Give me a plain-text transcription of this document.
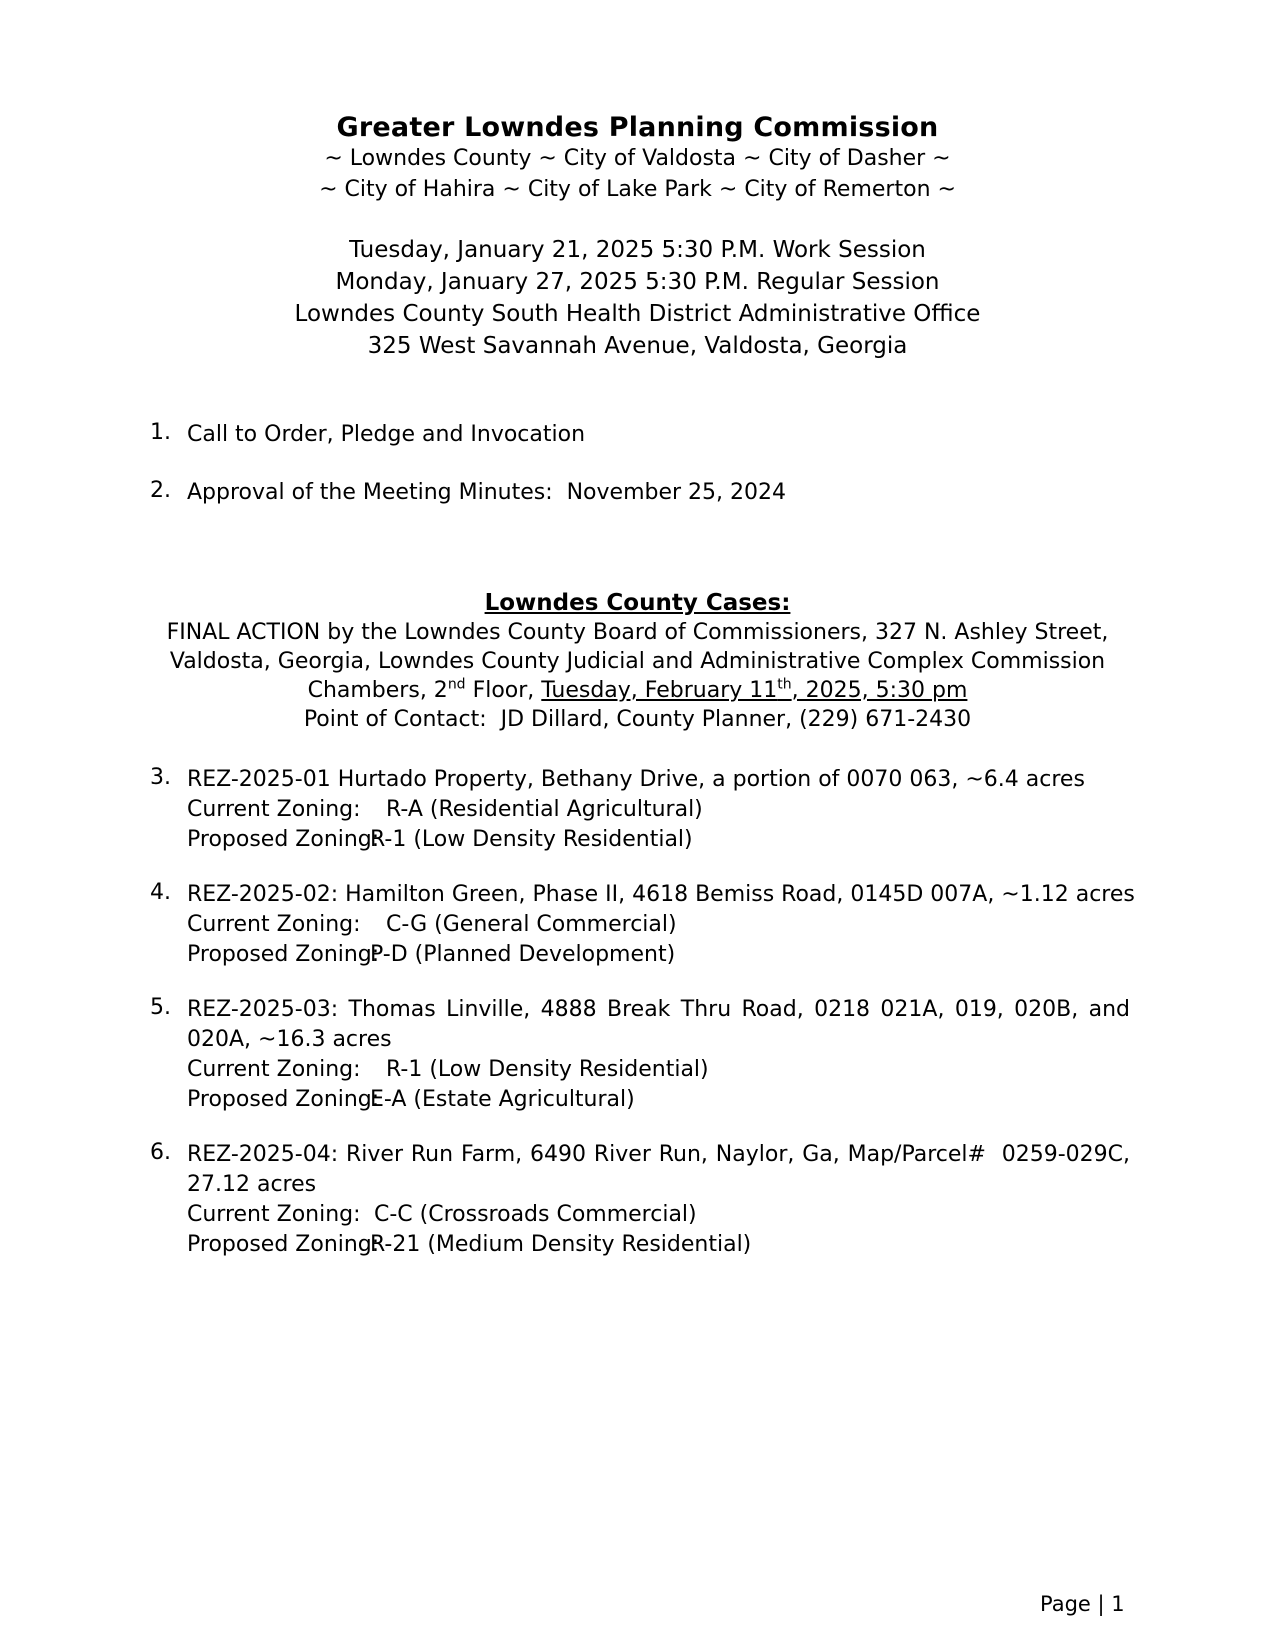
Greater Lowndes Planning Commission
~ Lowndes County ~ City of Valdosta ~ City of Dasher ~
~ City of Hahira ~ City of Lake Park ~ City of Remerton ~
Tuesday, January 21, 2025 5:30 P.M. Work Session
Monday, January 27, 2025 5:30 P.M. Regular Session
Lowndes County South Health District Administrative Office
325 West Savannah Avenue, Valdosta, Georgia
1. Call to Order, Pledge and Invocation
2. Approval of the Meeting Minutes:  November 25, 2024
Lowndes County Cases:
FINAL ACTION by the Lowndes County Board of Commissioners, 327 N. Ashley Street,
Valdosta, Georgia, Lowndes County Judicial and Administrative Complex Commission
Chambers, 2nd Floor, Tuesday, February 11th, 2025, 5:30 pm
Point of Contact:  JD Dillard, County Planner, (229) 671-2430
3. REZ-2025-01 Hurtado Property, Bethany Drive, a portion of 0070 063, ~6.4 acres
Current Zoning: R-A (Residential Agricultural)
Proposed Zoning:R-1 (Low Density Residential)
4. REZ-2025-02: Hamilton Green, Phase II, 4618 Bemiss Road, 0145D 007A, ~1.12 acres
Current Zoning: C-G (General Commercial)
Proposed Zoning:P-D (Planned Development)
5. REZ-2025-03: Thomas Linville, 4888 Break Thru Road, 0218 021A, 019, 020B, and
020A, ~16.3 acres
Current Zoning: R-1 (Low Density Residential)
Proposed Zoning:E-A (Estate Agricultural)
6. REZ-2025-04: River Run Farm, 6490 River Run, Naylor, Ga, Map/Parcel#  0259-029C,
27.12 acres
Current Zoning: C-C (Crossroads Commercial)
Proposed Zoning:R-21 (Medium Density Residential)
Page | 1
